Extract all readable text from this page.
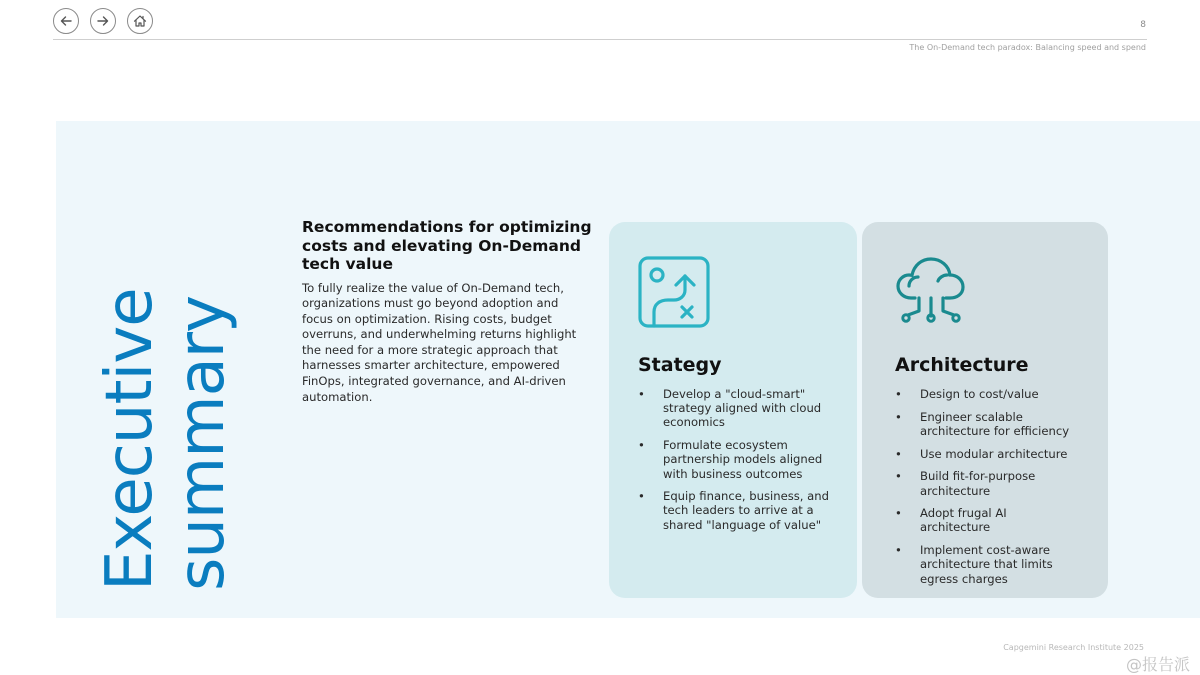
8
The On-Demand tech paradox: Balancing speed and spend
Executive
summary
Recommendations for optimizing costs and elevating On-Demand tech value

To fully realize the value of On-Demand tech, organizations must go beyond adoption and focus on optimization. Rising costs, budget overruns, and underwhelming returns highlight the need for a more strategic approach that harnesses smarter architecture, empowered FinOps, integrated governance, and AI-driven automation.

Stategy
• Develop a "cloud-smart" strategy aligned with cloud economics
• Formulate ecosystem partnership models aligned with business outcomes
• Equip finance, business, and tech leaders to arrive at a shared "language of value"
Architecture
• Design to cost/value
• Engineer scalable architecture for efficiency
• Use modular architecture
• Build fit-for-purpose architecture
• Adopt frugal AI architecture
• Implement cost-aware architecture that limits egress charges
Capgemini Research Institute 2025
@报告派
